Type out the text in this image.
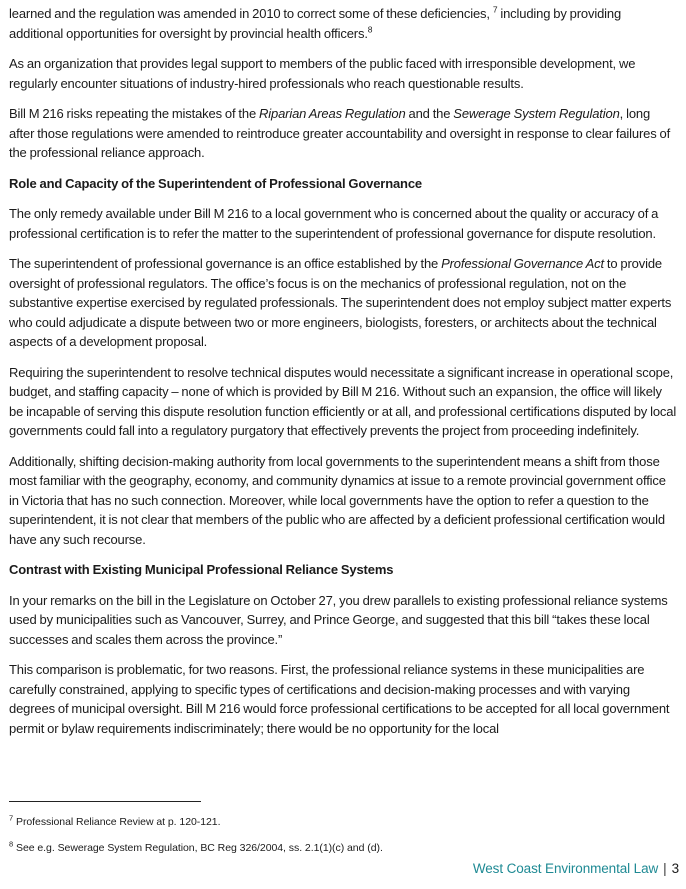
learned and the regulation was amended in 2010 to correct some of these deficiencies, $^7$ including by providing additional opportunities for oversight by provincial health officers.$^8$

As an organization that provides legal support to members of the public faced with irresponsible development, we regularly encounter situations of industry-hired professionals who reach questionable results.

Bill M 216 risks repeating the mistakes of the Riparian Areas Regulation and the Sewerage System Regulation, long after those regulations were amended to reintroduce greater accountability and oversight in response to clear failures of the professional reliance approach.

Role and Capacity of the Superintendent of Professional Governance

The only remedy available under Bill M 216 to a local government who is concerned about the quality or accuracy of a professional certification is to refer the matter to the superintendent of professional governance for dispute resolution.

The superintendent of professional governance is an office established by the Professional Governance Act to provide oversight of professional regulators. The office’s focus is on the mechanics of professional regulation, not on the substantive expertise exercised by regulated professionals. The superintendent does not employ subject matter experts who could adjudicate a dispute between two or more engineers, biologists, foresters, or architects about the technical aspects of a development proposal.

Requiring the superintendent to resolve technical disputes would necessitate a significant increase in operational scope, budget, and staffing capacity – none of which is provided by Bill M 216. Without such an expansion, the office will likely be incapable of serving this dispute resolution function efficiently or at all, and professional certifications disputed by local governments could fall into a regulatory purgatory that effectively prevents the project from proceeding indefinitely.

Additionally, shifting decision-making authority from local governments to the superintendent means a shift from those most familiar with the geography, economy, and community dynamics at issue to a remote provincial government office in Victoria that has no such connection. Moreover, while local governments have the option to refer a question to the superintendent, it is not clear that members of the public who are affected by a deficient professional certification would have any such recourse.

Contrast with Existing Municipal Professional Reliance Systems

In your remarks on the bill in the Legislature on October 27, you drew parallels to existing professional reliance systems used by municipalities such as Vancouver, Surrey, and Prince George, and suggested that this bill “takes these local successes and scales them across the province.”

This comparison is problematic, for two reasons. First, the professional reliance systems in these municipalities are carefully constrained, applying to specific types of certifications and decision-making processes and with varying degrees of municipal oversight. Bill M 216 would force professional certifications to be accepted for all local government permit or bylaw requirements indiscriminately; there would be no opportunity for the local

$^7$ Professional Reliance Review at p. 120-121.

$^8$ See e.g. Sewerage System Regulation, BC Reg 326/2004, ss. 2.1(1)(c) and (d).

West Coast Environmental Law | 3
